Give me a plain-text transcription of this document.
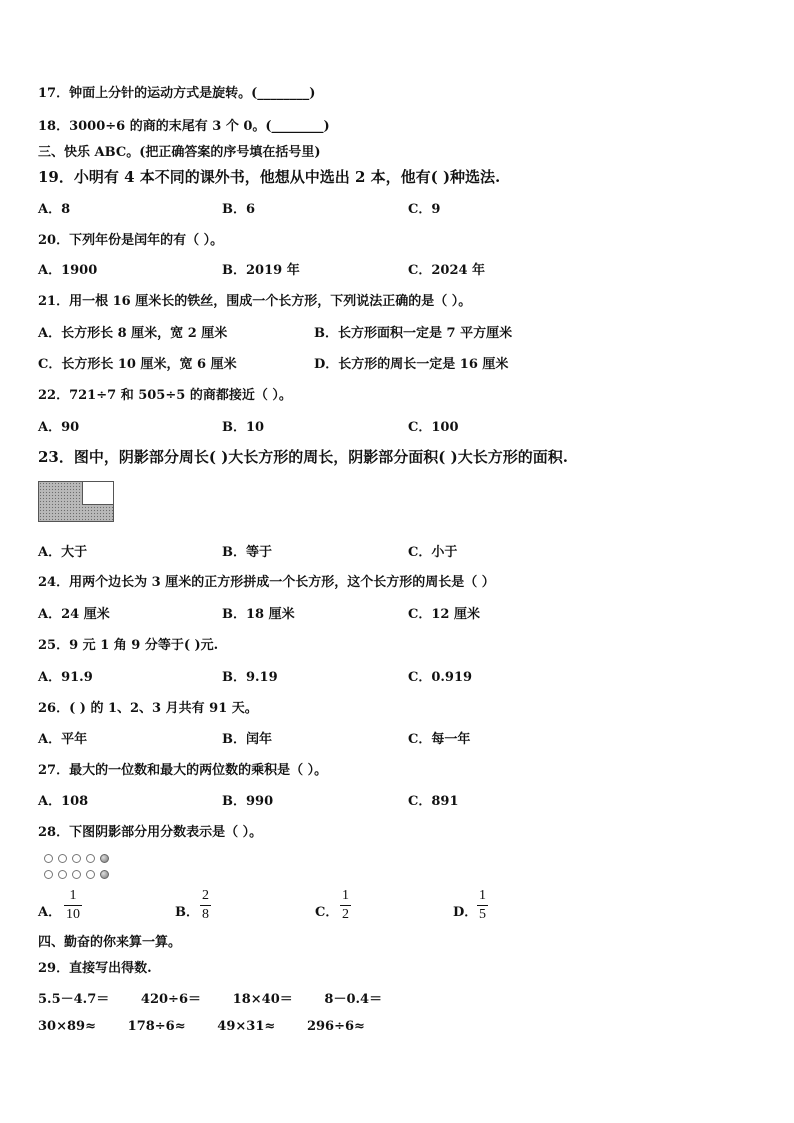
17．钟面上分针的运动方式是旋转。(________)
18．3000÷6 的商的末尾有 3 个 0。(________)
三、快乐 ABC。(把正确答案的序号填在括号里)
19．小明有 4 本不同的课外书，他想从中选出 2 本，他有( )种选法.
A．8	B．6	C．9
20．下列年份是闰年的有（ ）。
A．1900	B．2019 年	C．2024 年
21．用一根 16 厘米长的铁丝，围成一个长方形，下列说法正确的是（ ）。
A．长方形长 8 厘米，宽 2 厘米	B．长方形面积一定是 7 平方厘米
C．长方形长 10 厘米，宽 6 厘米	D．长方形的周长一定是 16 厘米
22．721÷7 和 505÷5 的商都接近（ ）。
A．90	B．10	C．100
23．图中，阴影部分周长( )大长方形的周长，阴影部分面积( )大长方形的面积.
A．大于	B．等于	C．小于
24．用两个边长为 3 厘米的正方形拼成一个长方形，这个长方形的周长是（ ）
A．24 厘米	B．18 厘米	C．12 厘米
25．9 元 1 角 9 分等于( )元.
A．91.9	B．9.19	C．0.919
26．( ) 的 1、2、3 月共有 91 天。
A．平年	B．闰年	C．每一年
27．最大的一位数和最大的两位数的乘积是（ ）。
A．108	B．990	C．891
28．下图阴影部分用分数表示是（ ）。
A． $\frac{1}{10}$	B． $\frac{2}{8}$	C． $\frac{1}{2}$	D． $\frac{1}{5}$
四、勤奋的你来算一算。
29．直接写出得数.
5.5－4.7＝       420÷6＝       18×40＝       8－0.4＝
30×89≈       178÷6≈       49×31≈       296÷6≈
